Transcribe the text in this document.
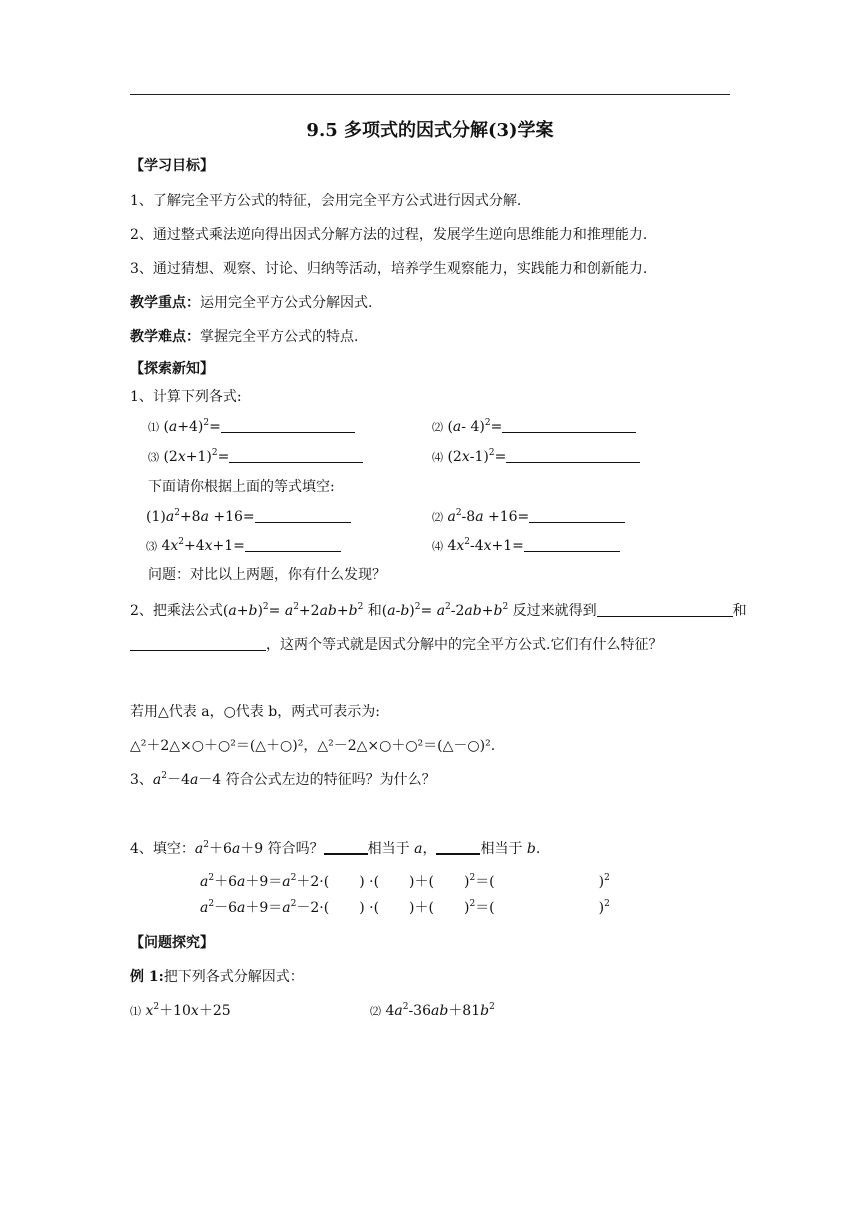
9.5 多项式的因式分解(3)学案
【学习目标】
1、了解完全平方公式的特征，会用完全平方公式进行因式分解.
2、通过整式乘法逆向得出因式分解方法的过程，发展学生逆向思维能力和推理能力.
3、通过猜想、观察、讨论、归纳等活动，培养学生观察能力，实践能力和创新能力.
教学重点：运用完全平方公式分解因式.
教学难点：掌握完全平方公式的特点.
【探索新知】
1、计算下列各式:
⑴ $(a+4)^2=$	⑵ (a- 4)$^2$=
⑶ $(2x+1)^2=$	⑷ $(2x-1)^2=$
下面请你根据上面的等式填空:
$(1)a^2+8a +16=$	⑵ $a^2-8a +16=$
⑶ $4x^2+4x+1=$	⑷ $4x^2-4x+1=$
问题：对比以上两题，你有什么发现？
2、把乘法公式$(a+b)^2= a^2+2ab+b^2$ 和$(a-b)^2= a^2-2ab+b^2$ 反过来就得到	和
，这两个等式就是因式分解中的完全平方公式.它们有什么特征？
若用△代表 a，○代表 b，两式可表示为:
△²＋2△×○＋○²＝(△＋○)²，△²－2△×○＋○²＝(△－○)².
3、$a^2-4a-4$ 符合公式左边的特征吗？为什么？
4、填空：$a^2+6a+9$ 符合吗？	相当于 a，	相当于 b.
$a^2+6a+9=a^2+2\cdot$( ) ·( )＋( )$^2$＝(	)$^2$
$a^2-6a+9=a^2-2\cdot$( ) ·( )＋( )$^2$＝(	)$^2$
【问题探究】
例 1:把下列各式分解因式：
⑴ $x^2+10x+25$	⑵ $4a^2-36ab+81b^2$
